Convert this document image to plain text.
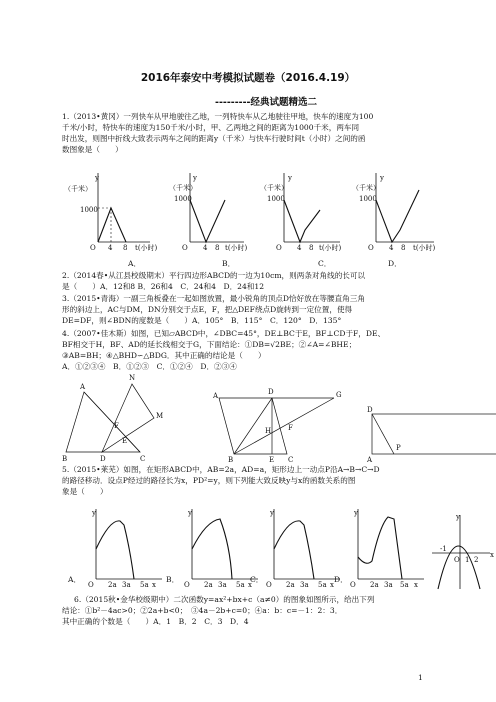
2016年泰安中考模拟试题卷（2016.4.19）
---------经典试题精选二
1.（2013•黄冈）一列快车从甲地驶往乙地，一列特快车从乙地驶往甲地，快车的速度为100
千米/小时，特快车的速度为150千米/小时，甲、乙两地之间的距离为1000千米，两车同
时出发，则图中折线大致表示两车之间的距离y（千米）与快车行驶时间t（小时）之间的函
数图象是（　　）
y
（千米）
1000
O 4 8 t(小时)
y
（千米）
1000
O 4 8 t(小时)
y
（千米）
1000
O 4 8 t(小时)
y
（千米）
1000
O 4 8 t(小时)
A．	B．	C．	D．
2.（2014春•从江县校级期末）平行四边形ABCD的一边为10cm，则两条对角线的长可以
是（　　）A．12和8 B．26和4　C．24和4　D．24和12
3.（2015•青海）一副三角板叠在一起如图放置，最小锐角的顶点D恰好放在等腰直角三角
形的斜边上，AC与DM，DN分别交于点E，F，把△DEF绕点D旋转到一定位置，使得
DE=DF，则∠BDN的度数是（　　）A．105°　B．115°　C．120°　D．135°
4.（2007•佳木斯）如图，已知▱ABCD中，∠DBC=45°，DE⊥BC于E，BF⊥CD于F，DE、
BF相交于H，BF、AD的延长线相交于G，下面结论：①DB=√2BE；②∠A=∠BHE；
③AB=BH；④△BHD∽△BDG．其中正确的结论是（　　）
A．①②③④　B．①②③　C．①②④　D．②③④
A
N
M
F
E
B	D	C
A	D	G
H F
B	E C
D
P
A
5.（2015•莱芜）如图，在矩形ABCD中，AB=2a，AD=a，矩形边上一动点P沿A→B→C→D
的路径移动．设点P经过的路径长为x，PD²=y，则下列能大致反映y与x的函数关系的图
象是（　　）
y
O 2a 3a 5a x
y
O 2a 3a 5a x
y
O 2a 3a 5a x
y
O 2a 3a 5a x
y
-1
O 1 2
x
A．	B．	C．	D．
6.（2015秋•金华校级期中）二次函数y=ax²+bx+c（a≠0）的图象如图所示，给出下列
结论：①b²－4ac>0；②2a+b<0；　③4a－2b+c=0；④a：b：c=－1：2：3．
其中正确的个数是（　　）A．1　B．2　C．3　D．4
1
